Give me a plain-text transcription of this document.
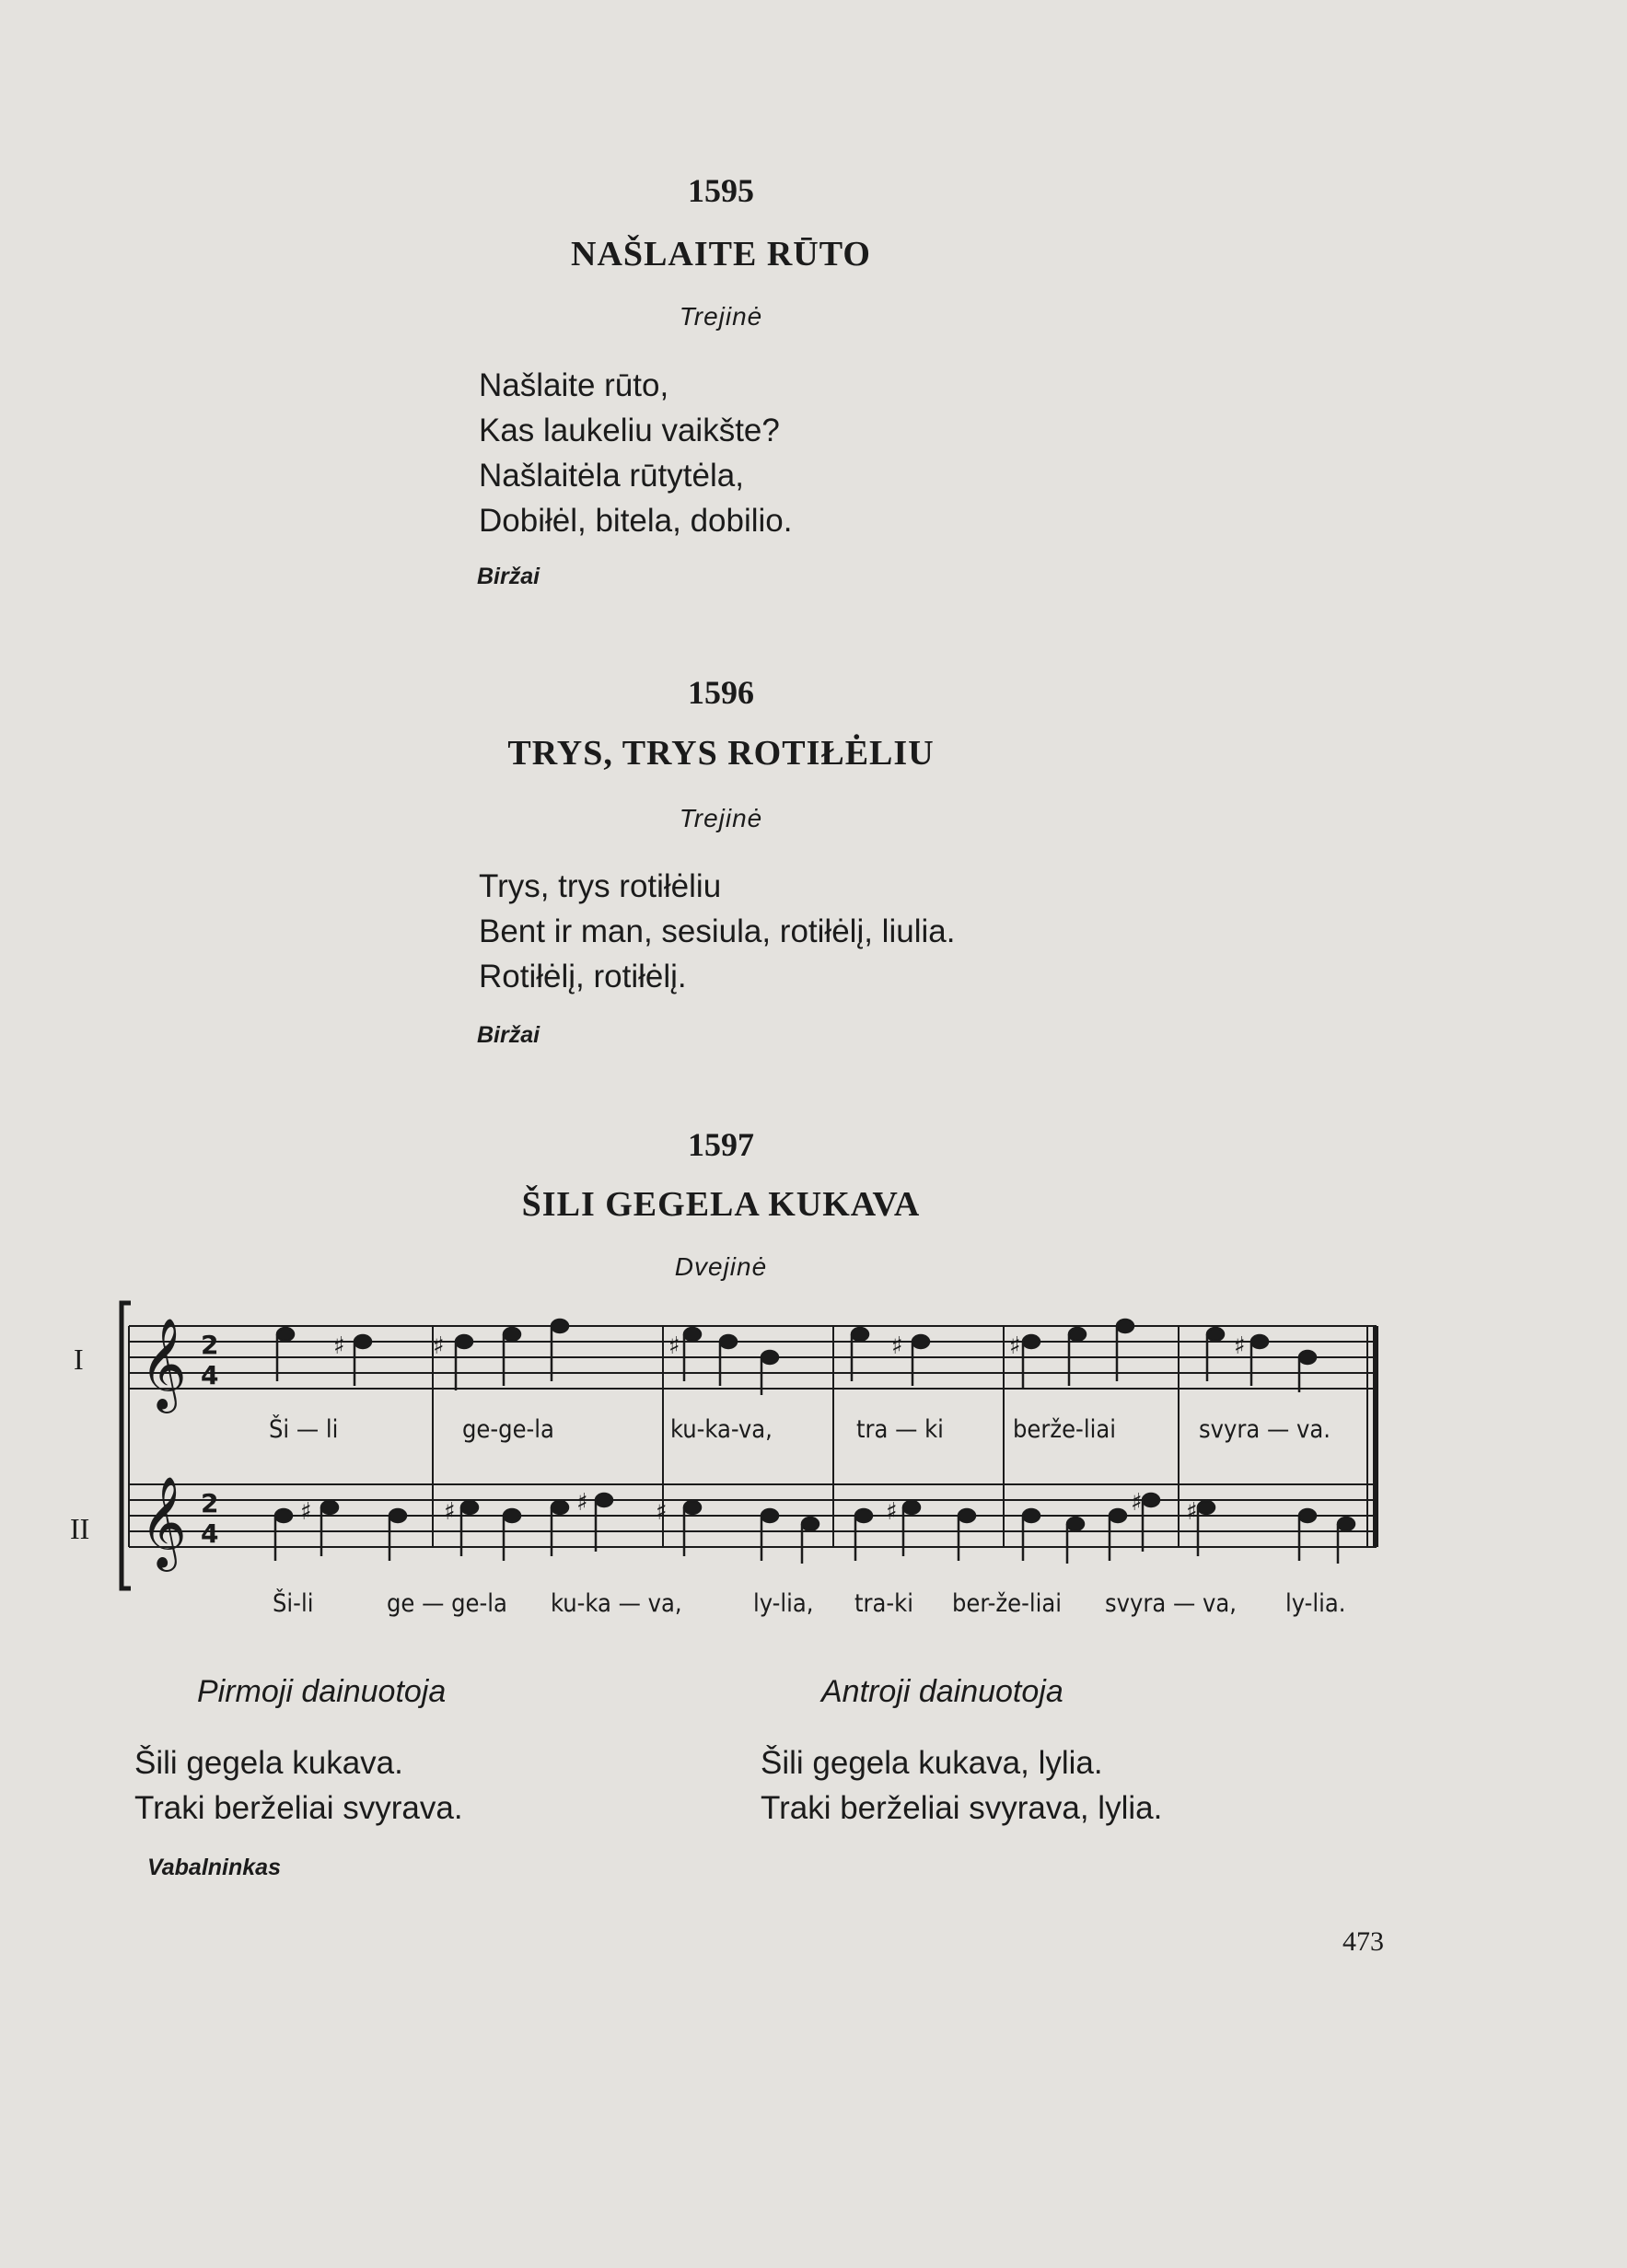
1595
NAŠLAITE RŪTO
Trejinė
Našlaite rūto,
Kas laukeliu vaikšte?
Našlaitėla rūtytėla,
Dobiłėl, bitela, dobilio.
Biržai
1596
TRYS, TRYS ROTIŁĖLIU
Trejinė
Trys, trys rotiłėliu
Bent ir man, sesiula, rotiłėlį, liulia.
Rotiłėlį, rotiłėlį.
Biržai
1597
ŠILI GEGELA KUKAVA
Dvejinė
I
II
𝄞
𝄞
2
4
2
4
♯	♯	♯	♯	♯	♯
♯	♯	♯	♯	♯	♯ ♯
Ši — li	ge-ge-la	ku-ka-va,	tra — ki	berže-liai	svyra — va.
Ši-li	ge — ge-la ku-ka — va,	ly-lia, tra-ki ber-že-liai svyra — va, ly-lia.
Pirmoji dainuotoja
Šili gegela kukava.
Traki berželiai svyrava.
Antroji dainuotoja
Šili gegela kukava, lylia.
Traki berželiai svyrava, lylia.
Vabalninkas
473
